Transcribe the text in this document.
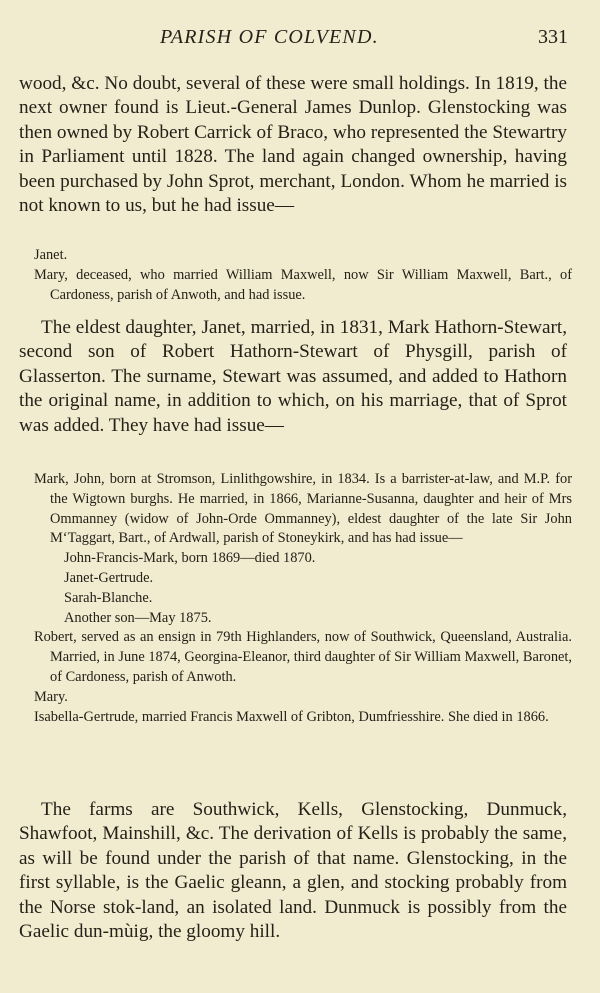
PARISH OF COLVEND.	331

wood, &c. No doubt, several of these were small holdings. In 1819, the next owner found is Lieut.-General James Dunlop. Glenstocking was then owned by Robert Carrick of Braco, who represented the Stewartry in Parliament until 1828. The land again changed ownership, having been purchased by John Sprot, merchant, London. Whom he married is not known to us, but he had issue—

Janet.

Mary, deceased, who married William Maxwell, now Sir William Maxwell, Bart., of Cardoness, parish of Anwoth, and had issue.

The eldest daughter, Janet, married, in 1831, Mark Hathorn-Stewart, second son of Robert Hathorn-Stewart of Physgill, parish of Glasserton. The surname, Stewart was assumed, and added to Hathorn the original name, in addition to which, on his marriage, that of Sprot was added. They have had issue—

Mark, John, born at Stromson, Linlithgowshire, in 1834. Is a barrister-at-law, and M.P. for the Wigtown burghs. He married, in 1866, Marianne-Susanna, daughter and heir of Mrs Ommanney (widow of John-Orde Ommanney), eldest daughter of the late Sir John M‘Taggart, Bart., of Ardwall, parish of Stoneykirk, and has had issue—

John-Francis-Mark, born 1869—died 1870.

Janet-Gertrude.

Sarah-Blanche.

Another son—May 1875.

Robert, served as an ensign in 79th Highlanders, now of Southwick, Queensland, Australia. Married, in June 1874, Georgina-Eleanor, third daughter of Sir William Maxwell, Baronet, of Cardoness, parish of Anwoth.

Mary.

Isabella-Gertrude, married Francis Maxwell of Gribton, Dumfriesshire. She died in 1866.

The farms are Southwick, Kells, Glenstocking, Dunmuck, Shawfoot, Mainshill, &c. The derivation of Kells is probably the same, as will be found under the parish of that name. Glenstocking, in the first syllable, is the Gaelic gleann, a glen, and stocking probably from the Norse stok-land, an isolated land. Dunmuck is possibly from the Gaelic dun-mùig, the gloomy hill.
